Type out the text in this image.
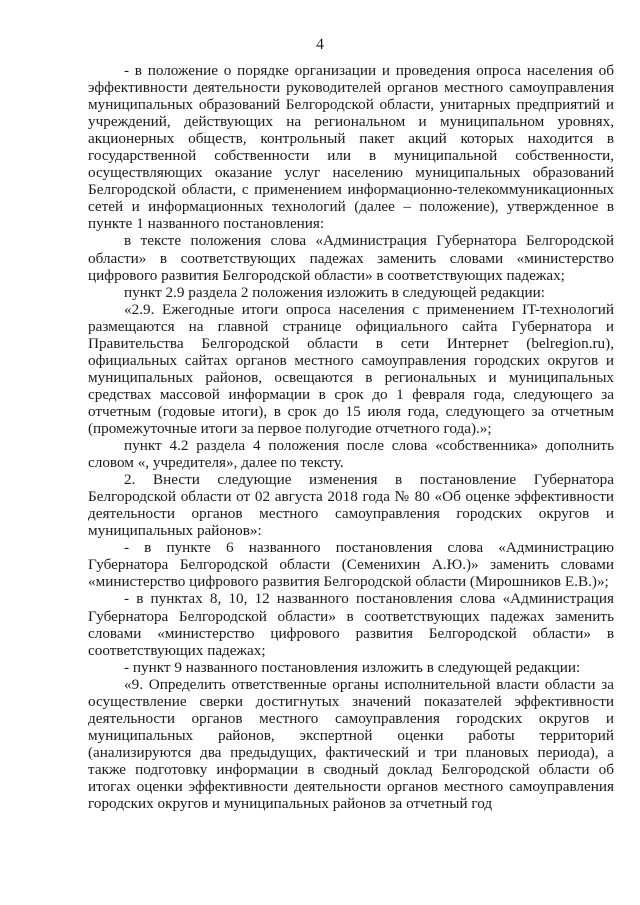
4

- в положение о порядке организации и проведения опроса населения об эффективности деятельности руководителей органов местного самоуправления муниципальных образований Белгородской области, унитарных предприятий и учреждений, действующих на региональном и муниципальном уровнях, акционерных обществ, контрольный пакет акций которых находится в государственной собственности или в муниципальной собственности, осуществляющих оказание услуг населению муниципальных образований Белгородской области, с применением информационно-телекоммуникационных сетей и информационных технологий (далее – положение), утвержденное в пункте 1 названного постановления:

в тексте положения слова «Администрация Губернатора Белгородской области» в соответствующих падежах заменить словами «министерство цифрового развития Белгородской области» в соответствующих падежах;

пункт 2.9 раздела 2 положения изложить в следующей редакции:

«2.9. Ежегодные итоги опроса населения с применением IT-технологий размещаются на главной странице официального сайта Губернатора и Правительства Белгородской области в сети Интернет (belregion.ru), официальных сайтах органов местного самоуправления городских округов и муниципальных районов, освещаются в региональных и муниципальных средствах массовой информации в срок до 1 февраля года, следующего за отчетным (годовые итоги), в срок до 15 июля года, следующего за отчетным (промежуточные итоги за первое полугодие отчетного года).»;

пункт 4.2 раздела 4 положения после слова «собственника» дополнить словом «, учредителя», далее по тексту.

2. Внести следующие изменения в постановление Губернатора Белгородской области от 02 августа 2018 года № 80 «Об оценке эффективности деятельности органов местного самоуправления городских округов и муниципальных районов»:

- в пункте 6 названного постановления слова «Администрацию Губернатора Белгородской области (Семенихин А.Ю.)» заменить словами «министерство цифрового развития Белгородской области (Мирошников Е.В.)»;

- в пунктах 8, 10, 12 названного постановления слова «Администрация Губернатора Белгородской области» в соответствующих падежах заменить словами «министерство цифрового развития Белгородской области» в соответствующих падежах;

- пункт 9 названного постановления изложить в следующей редакции:

«9. Определить ответственные органы исполнительной власти области за осуществление сверки достигнутых значений показателей эффективности деятельности органов местного самоуправления городских округов и муниципальных районов, экспертной оценки работы территорий (анализируются два предыдущих, фактический и три плановых периода), а также подготовку информации в сводный доклад Белгородской области об итогах оценки эффективности деятельности органов местного самоуправления городских округов и муниципальных районов за отчетный год
